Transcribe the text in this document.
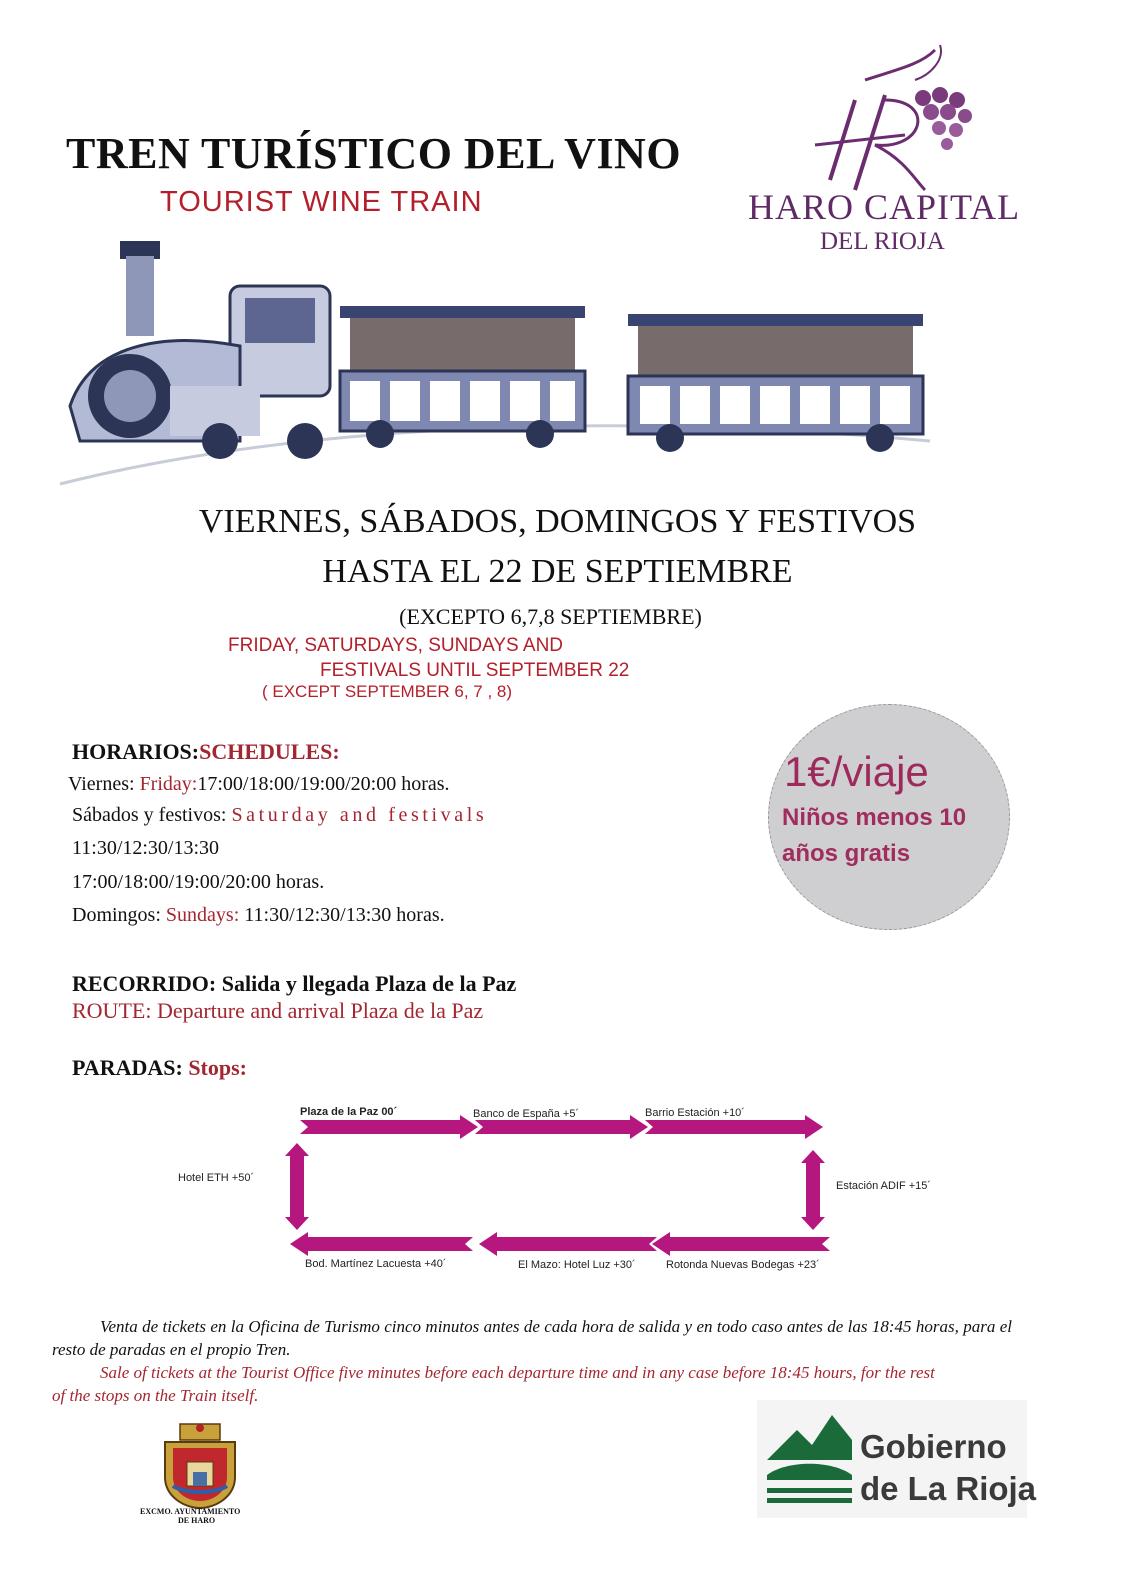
TREN TURÍSTICO DEL VINO
TOURIST WINE TRAIN	HARO CAPITAL
DEL RIOJA
VIERNES, SÁBADOS, DOMINGOS Y FESTIVOS
HASTA EL 22 DE SEPTIEMBRE
(EXCEPTO 6,7,8 SEPTIEMBRE)
FRIDAY, SATURDAYS, SUNDAYS AND
FESTIVALS UNTIL SEPTEMBER 22
( EXCEPT SEPTEMBER 6, 7 , 8)
HORARIOS:SCHEDULES:
Viernes: Friday:17:00/18:00/19:00/20:00 horas.
Sábados y festivos: Saturday and festivals
11:30/12:30/13:30
17:00/18:00/19:00/20:00 horas.
Domingos: Sundays: 11:30/12:30/13:30 horas.
1€/viaje
Niños menos 10
años gratis
RECORRIDO: Salida y llegada Plaza de la Paz
ROUTE: Departure and arrival Plaza de la Paz
PARADAS: Stops:
Plaza de la Paz 00´	Banco de España +5´	Barrio Estación +10´
Estación ADIF +15´
Rotonda Nuevas Bodegas +23´
El Mazo: Hotel Luz +30´
Bod. Martínez Lacuesta +40´
Hotel ETH +50´

Venta de tickets en la Oficina de Turismo cinco minutos antes de cada hora de salida y en todo caso antes de las 18:45 horas, para el resto de paradas en el propio Tren.

Sale of tickets at the Tourist Office five minutes before each departure time and in any case before 18:45 hours, for the rest of the stops on the Train itself.

EXCMO. AYUNTAMIENTO
DE HARO
Gobierno
de La Rioja
